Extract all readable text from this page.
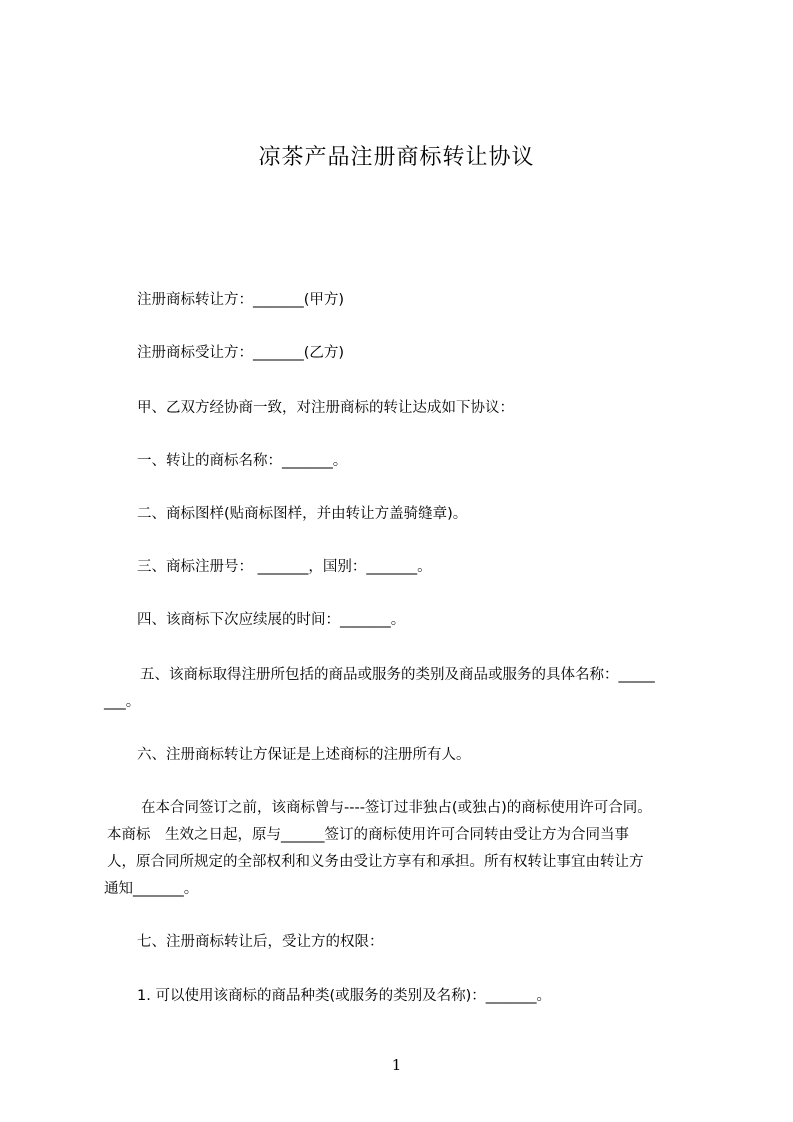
凉茶产品注册商标转让协议
注册商标转让方：_______(甲方)
注册商标受让方：_______(乙方)
甲、乙双方经协商一致，对注册商标的转让达成如下协议：
一、转让的商标名称：_______。
二、商标图样(贴商标图样，并由转让方盖骑缝章)。
三、商标注册号： _______，国别：_______。
四、该商标下次应续展的时间：_______。
五、该商标取得注册所包括的商品或服务的类别及商品或服务的具体名称：_____
___。
六、注册商标转让方保证是上述商标的注册所有人。
在本合同签订之前，该商标曾与----签订过非独占(或独占)的商标使用许可合同。
本商标　生效之日起，原与______签订的商标使用许可合同转由受让方为合同当事
人，原合同所规定的全部权利和义务由受让方享有和承担。所有权转让事宜由转让方
通知_______。
七、注册商标转让后，受让方的权限：
1. 可以使用该商标的商品种类(或服务的类别及名称)：_______。
1
